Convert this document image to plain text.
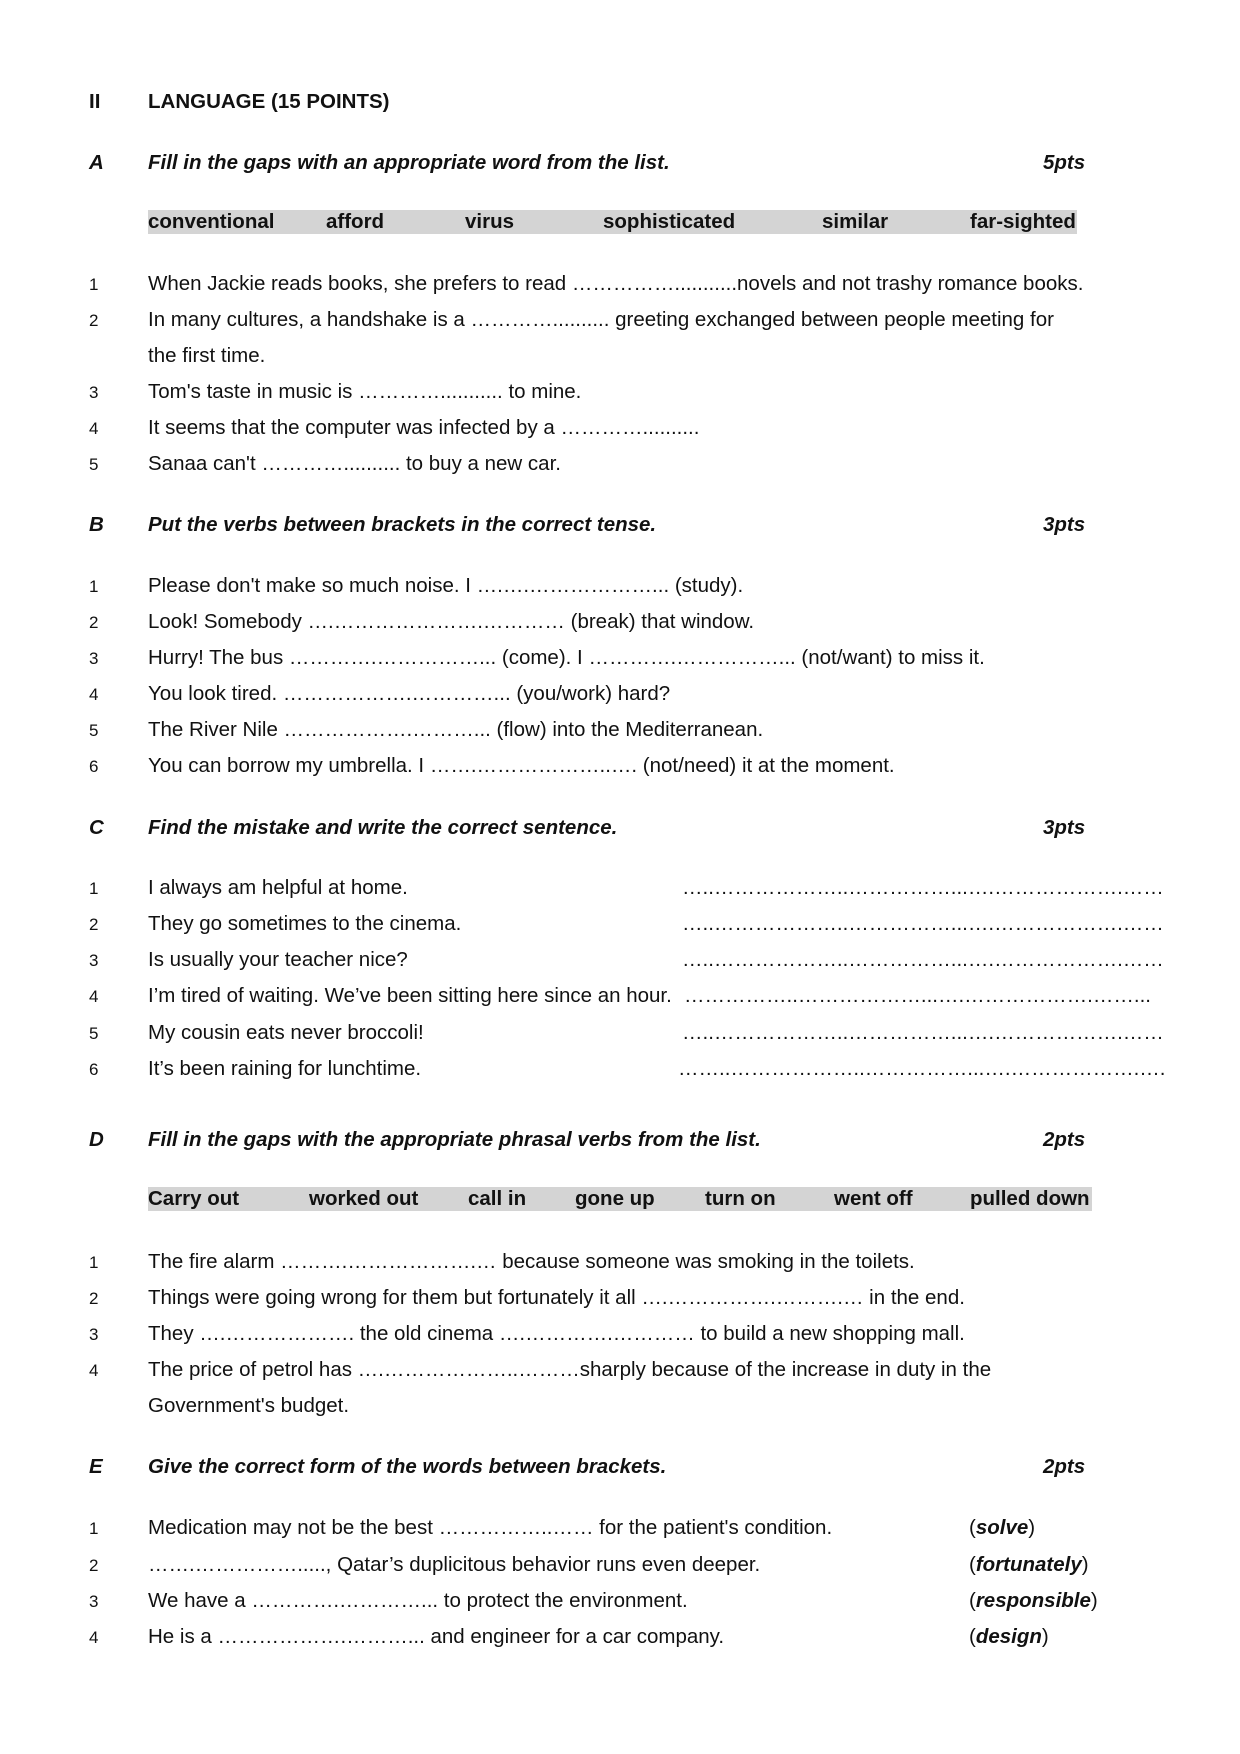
II LANGUAGE (15 POINTS)
A Fill in the gaps with an appropriate word from the list.	5pts
conventional	afford	virus	sophisticated	similar	far-sighted
1 When Jackie reads books, she prefers to read ……………...........novels and not trashy romance books.
2 In many cultures, a handshake is a ………….......... greeting exchanged between people meeting for
the first time.
3 Tom's taste in music is …………........... to mine.
4 It seems that the computer was infected by a …………..........
5 Sanaa can't ………….......... to buy a new car.
B Put the verbs between brackets in the correct tense.	3pts
1 Please don't make so much noise. I ….….………………... (study).
2 Look! Somebody ….………………….………… (break) that window.
3 Hurry! The bus ………….……………... (come). I ………….……………... (not/want) to miss it.
4 You look tired. ……………….…………... (you/work) hard?
5 The River Nile ……………….………... (flow) into the Mediterranean.
6 You can borrow my umbrella. I …….………………..…. (not/need) it at the moment.
C Find the mistake and write the correct sentence.	3pts
1 I always am helpful at home.	…..………………..……………...….……………….……
2 They go sometimes to the cinema.	…..………………..……………...….……………….……
3 Is usually your teacher nice?	…..………………..……………...….……………….……
4 I’m tired of waiting. We’ve been sitting here since an hour. ……………..………………...….……………….……...
5 My cousin eats never broccoli!	…..………………..……………...….……………….……
6 It’s been raining for lunchtime.	……..………………..……………...….……………….….
D Fill in the gaps with the appropriate phrasal verbs from the list.	2pts
Carry out	worked out call in gone up turn on	went off	pulled down
1 The fire alarm ……….……………….… because someone was smoking in the toilets.
2 Things were going wrong for them but fortunately it all ….…………….……….… in the end.
3 They ….………………. the old cinema ….………….………… to build a new shopping mall.
4 The price of petrol has ….………………..………sharply because of the increase in duty in the
Government's budget.
E Give the correct form of the words between brackets.	2pts
1 Medication may not be the best ……………..…… for the patient's condition.	(solve)
2 …….……………....., Qatar’s duplicitous behavior runs even deeper.	(fortunately)
3 We have a ………….…………... to protect the environment.	(responsible)
4 He is a ……………….………... and engineer for a car company.	(design)
